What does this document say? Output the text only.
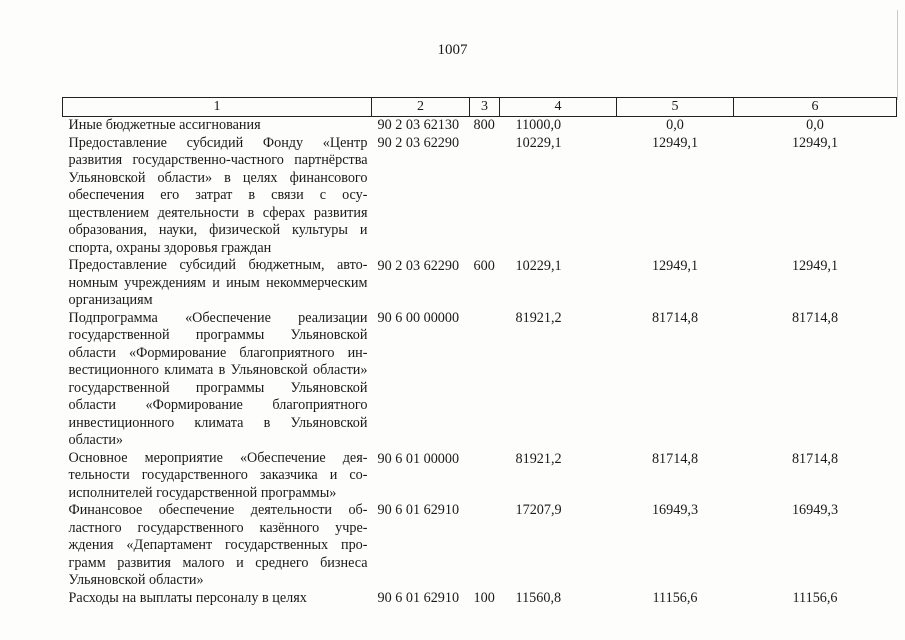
1007
1	2	3	4	5	6
Иные бюджетные ассигнования	90 2 03 62130	800	11000,0	0,0	0,0
Предоставление субсидий Фонду «Центр развития государственно-частного партнёрства Ульяновской области» в целях финансового обеспечения его затрат в связи с осуществлением деятельности в сферах развития образования, науки, физической культуры и спорта, охраны здоровья граждан	90 2 03 62290		10229,1	12949,1	12949,1
Предоставление субсидий бюджетным, автономным учреждениям и иным некоммерческим организациям	90 2 03 62290	600	10229,1	12949,1	12949,1
Подпрограмма «Обеспечение реализации государственной программы Ульяновской области «Формирование благоприятного инвестиционного климата в Ульяновской области» государственной программы Ульяновской области «Формирование благоприятного инвестиционного климата в Ульяновской области»	90 6 00 00000		81921,2	81714,8	81714,8
Основное мероприятие «Обеспечение деятельности государственного заказчика и соисполнителей государственной программы»	90 6 01 00000		81921,2	81714,8	81714,8
Финансовое обеспечение деятельности областного государственного казённого учреждения «Департамент государственных программ развития малого и среднего бизнеса Ульяновской области»	90 6 01 62910		17207,9	16949,3	16949,3
Расходы на выплаты персоналу в целях	90 6 01 62910	100	11560,8	11156,6	11156,6
